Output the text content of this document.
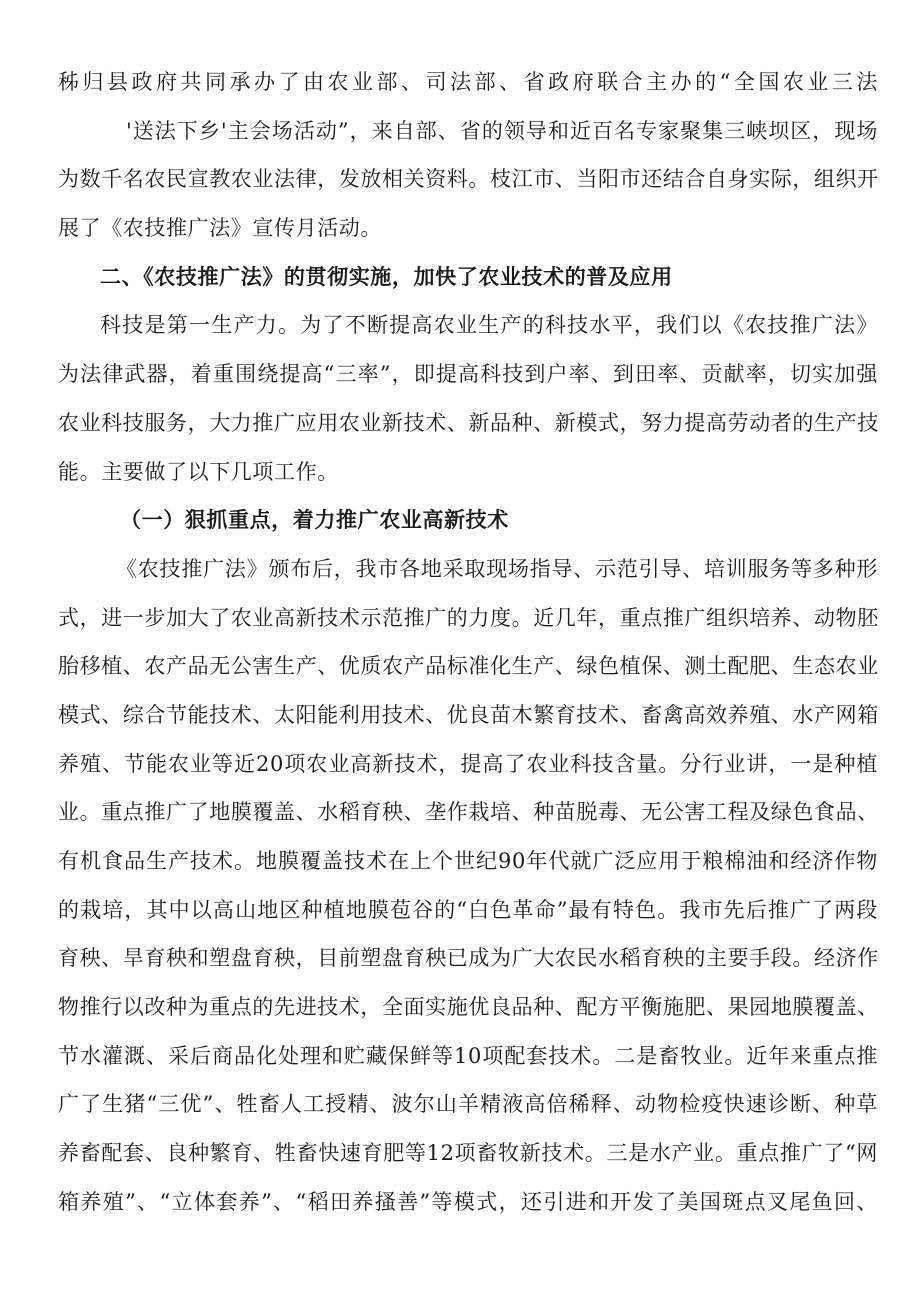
秭归县政府共同承办了由农业部、司法部、省政府联合主办的“全国农业三法
'送法下乡'主会场活动”，来自部、省的领导和近百名专家聚集三峡坝区，现场
为数千名农民宣教农业法律，发放相关资料。枝江市、当阳市还结合自身实际，组织开
展了《农技推广法》宣传月活动。
二、《农技推广法》的贯彻实施，加快了农业技术的普及应用
科技是第一生产力。为了不断提高农业生产的科技水平，我们以《农技推广法》
为法律武器，着重围绕提高“三率”，即提高科技到户率、到田率、贡献率，切实加强
农业科技服务，大力推广应用农业新技术、新品种、新模式，努力提高劳动者的生产技
能。主要做了以下几项工作。
（一）狠抓重点，着力推广农业高新技术
《农技推广法》颁布后，我市各地采取现场指导、示范引导、培训服务等多种形
式，进一步加大了农业高新技术示范推广的力度。近几年，重点推广组织培养、动物胚
胎移植、农产品无公害生产、优质农产品标准化生产、绿色植保、测土配肥、生态农业
模式、综合节能技术、太阳能利用技术、优良苗木繁育技术、畜禽高效养殖、水产网箱
养殖、节能农业等近20项农业高新技术，提高了农业科技含量。分行业讲，一是种植
业。重点推广了地膜覆盖、水稻育秧、垄作栽培、种苗脱毒、无公害工程及绿色食品、
有机食品生产技术。地膜覆盖技术在上个世纪90年代就广泛应用于粮棉油和经济作物
的栽培，其中以高山地区种植地膜苞谷的“白色革命”最有特色。我市先后推广了两段
育秧、旱育秧和塑盘育秧，目前塑盘育秧已成为广大农民水稻育秧的主要手段。经济作
物推行以改种为重点的先进技术，全面实施优良品种、配方平衡施肥、果园地膜覆盖、
节水灌溉、采后商品化处理和贮藏保鲜等10项配套技术。二是畜牧业。近年来重点推
广了生猪“三优”、牲畜人工授精、波尔山羊精液高倍稀释、动物检疫快速诊断、种草
养畜配套、良种繁育、牲畜快速育肥等12项畜牧新技术。三是水产业。重点推广了“网
箱养殖”、“立体套养”、“稻田养搔善”等模式，还引进和开发了美国斑点叉尾鱼回、
